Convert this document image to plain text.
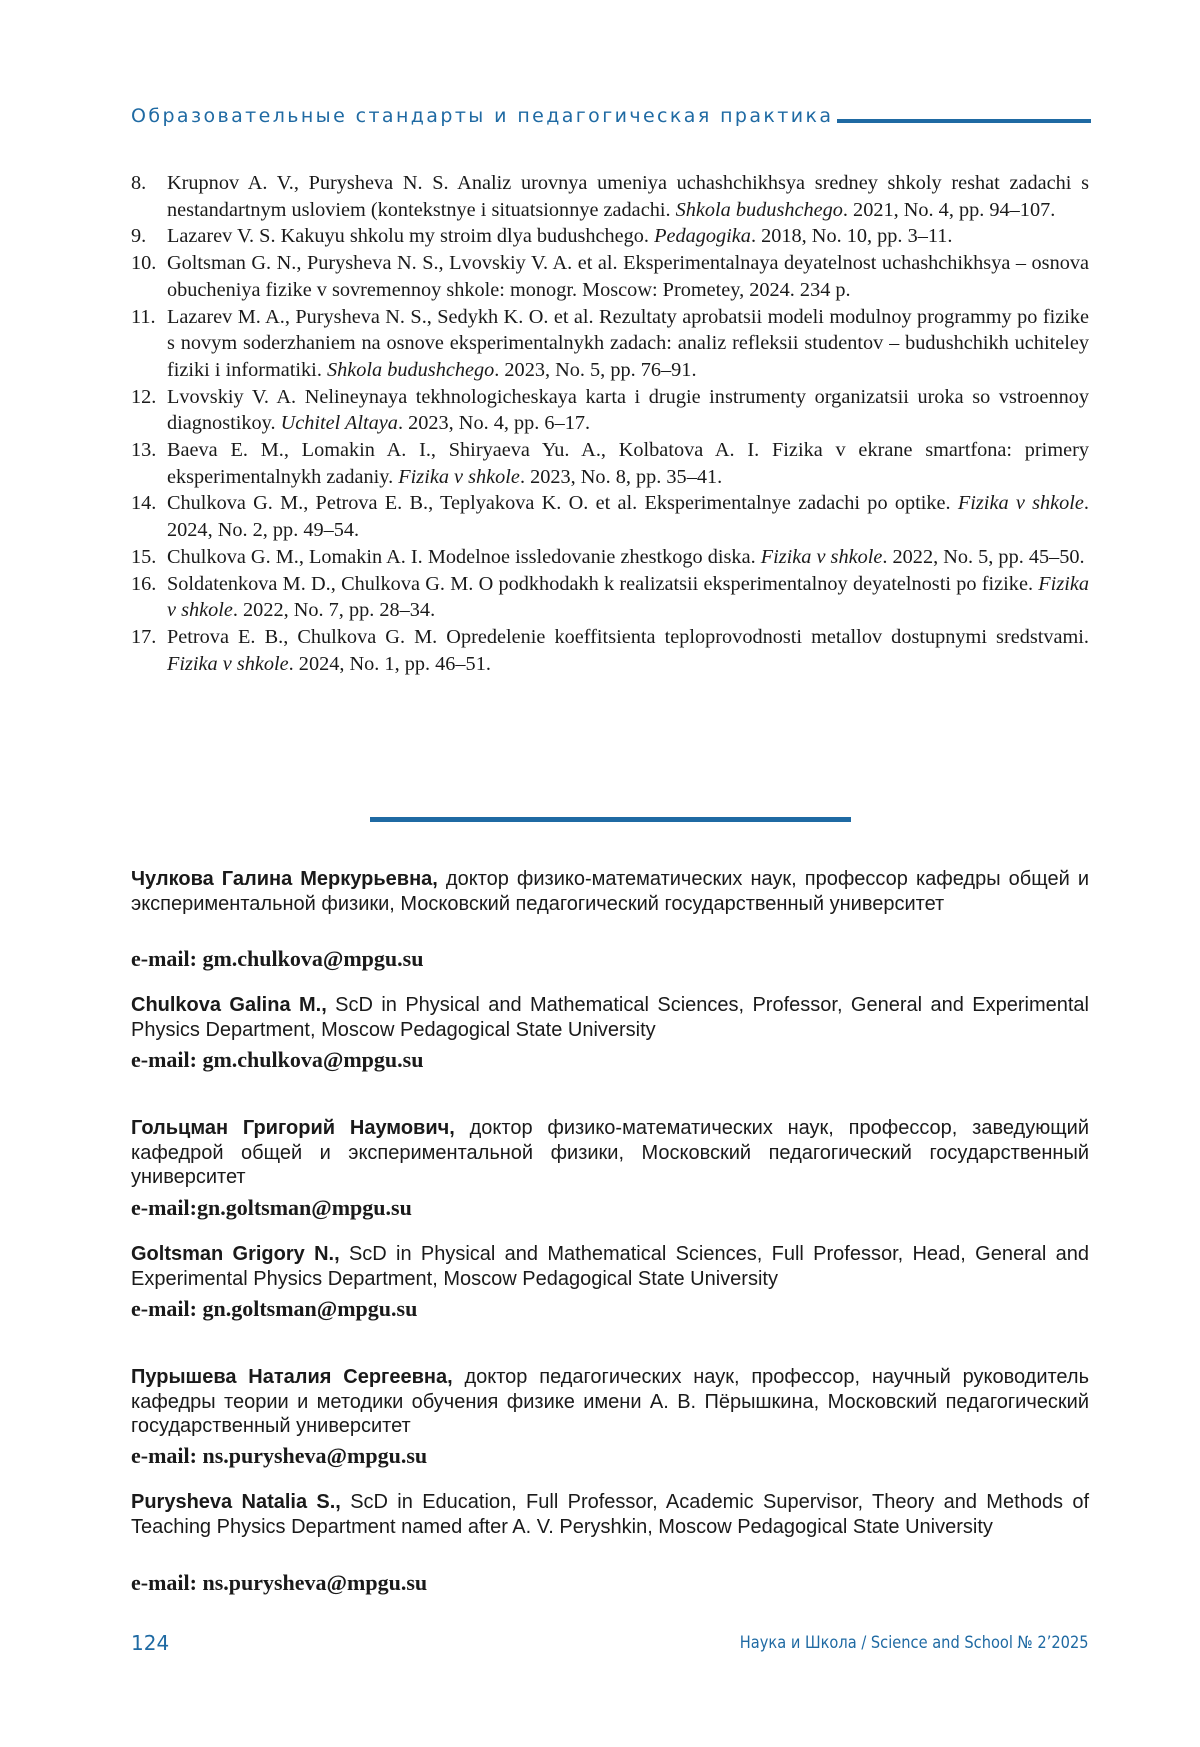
Образовательные стандарты и педагогическая практика
8. Krupnov A. V., Purysheva N. S. Analiz urovnya umeniya uchashchikhsya sredney shkoly reshat zadachi s nestandartnym usloviem (kontekstnye i situatsionnye zadachi. Shkola budushchego. 2021, No. 4, pp. 94–107.
9. Lazarev V. S. Kakuyu shkolu my stroim dlya budushchego. Pedagogika. 2018, No. 10, pp. 3–11.
10. Goltsman G. N., Purysheva N. S., Lvovskiy V. A. et al. Eksperimentalnaya deyatelnost uchashchikhsya – osnova obucheniya fizike v sovremennoy shkole: monogr. Moscow: Prometey, 2024. 234 p.
11. Lazarev M. A., Purysheva N. S., Sedykh K. O. et al. Rezultaty aprobatsii modeli modulnoy programmy po fizike s novym soderzhaniem na osnove eksperimentalnykh zadach: analiz refleksii studentov – budushchikh uchiteley fiziki i informatiki. Shkola budushchego. 2023, No. 5, pp. 76–91.
12. Lvovskiy V. A. Nelineynaya tekhnologicheskaya karta i drugie instrumenty organizatsii uroka so vstroennoy diagnostikoy. Uchitel Altaya. 2023, No. 4, pp. 6–17.
13. Baeva E. M., Lomakin A. I., Shiryaeva Yu. A., Kolbatova A. I. Fizika v ekrane smartfona: primery eksperimentalnykh zadaniy. Fizika v shkole. 2023, No. 8, pp. 35–41.
14. Chulkova G. M., Petrova E. B., Teplyakova K. O. et al. Eksperimentalnye zadachi po optike. Fizika v shkole. 2024, No. 2, pp. 49–54.
15. Chulkova G. M., Lomakin A. I. Modelnoe issledovanie zhestkogo diska. Fizika v shkole. 2022, No. 5, pp. 45–50.
16. Soldatenkova M. D., Chulkova G. M. O podkhodakh k realizatsii eksperimentalnoy deyatelnosti po fizike. Fizika v shkole. 2022, No. 7, pp. 28–34.
17. Petrova E. B., Chulkova G. M. Opredelenie koeffitsienta teploprovodnosti metallov dostupnymi sredstvami. Fizika v shkole. 2024, No. 1, pp. 46–51.
Чулкова Галина Меркурьевна, доктор физико-математических наук, профессор кафедры общей и экспериментальной физики, Московский педагогический государственный университет
e-mail: gm.chulkova@mpgu.su
Chulkova Galina M., ScD in Physical and Mathematical Sciences, Professor, General and Experimental Physics Department, Moscow Pedagogical State University
e-mail: gm.chulkova@mpgu.su
Гольцман Григорий Наумович, доктор физико-математических наук, профессор, заведующий кафедрой общей и экспериментальной физики, Московский педагогический государственный университет
e-mail:gn.goltsman@mpgu.su
Goltsman Grigory N., ScD in Physical and Mathematical Sciences, Full Professor, Head, General and Experimental Physics Department, Moscow Pedagogical State University
e-mail: gn.goltsman@mpgu.su
Пурышева Наталия Сергеевна, доктор педагогических наук, профессор, научный руководитель кафедры теории и методики обучения физике имени А. В. Пёрышкина, Московский педагогический государственный университет
e-mail: ns.purysheva@mpgu.su
Purysheva Natalia S., ScD in Education, Full Professor, Academic Supervisor, Theory and Methods of Teaching Physics Department named after A. V. Peryshkin, Moscow Pedagogical State University
e-mail: ns.purysheva@mpgu.su
124	Наука и Школа / Science and School № 2’2025
